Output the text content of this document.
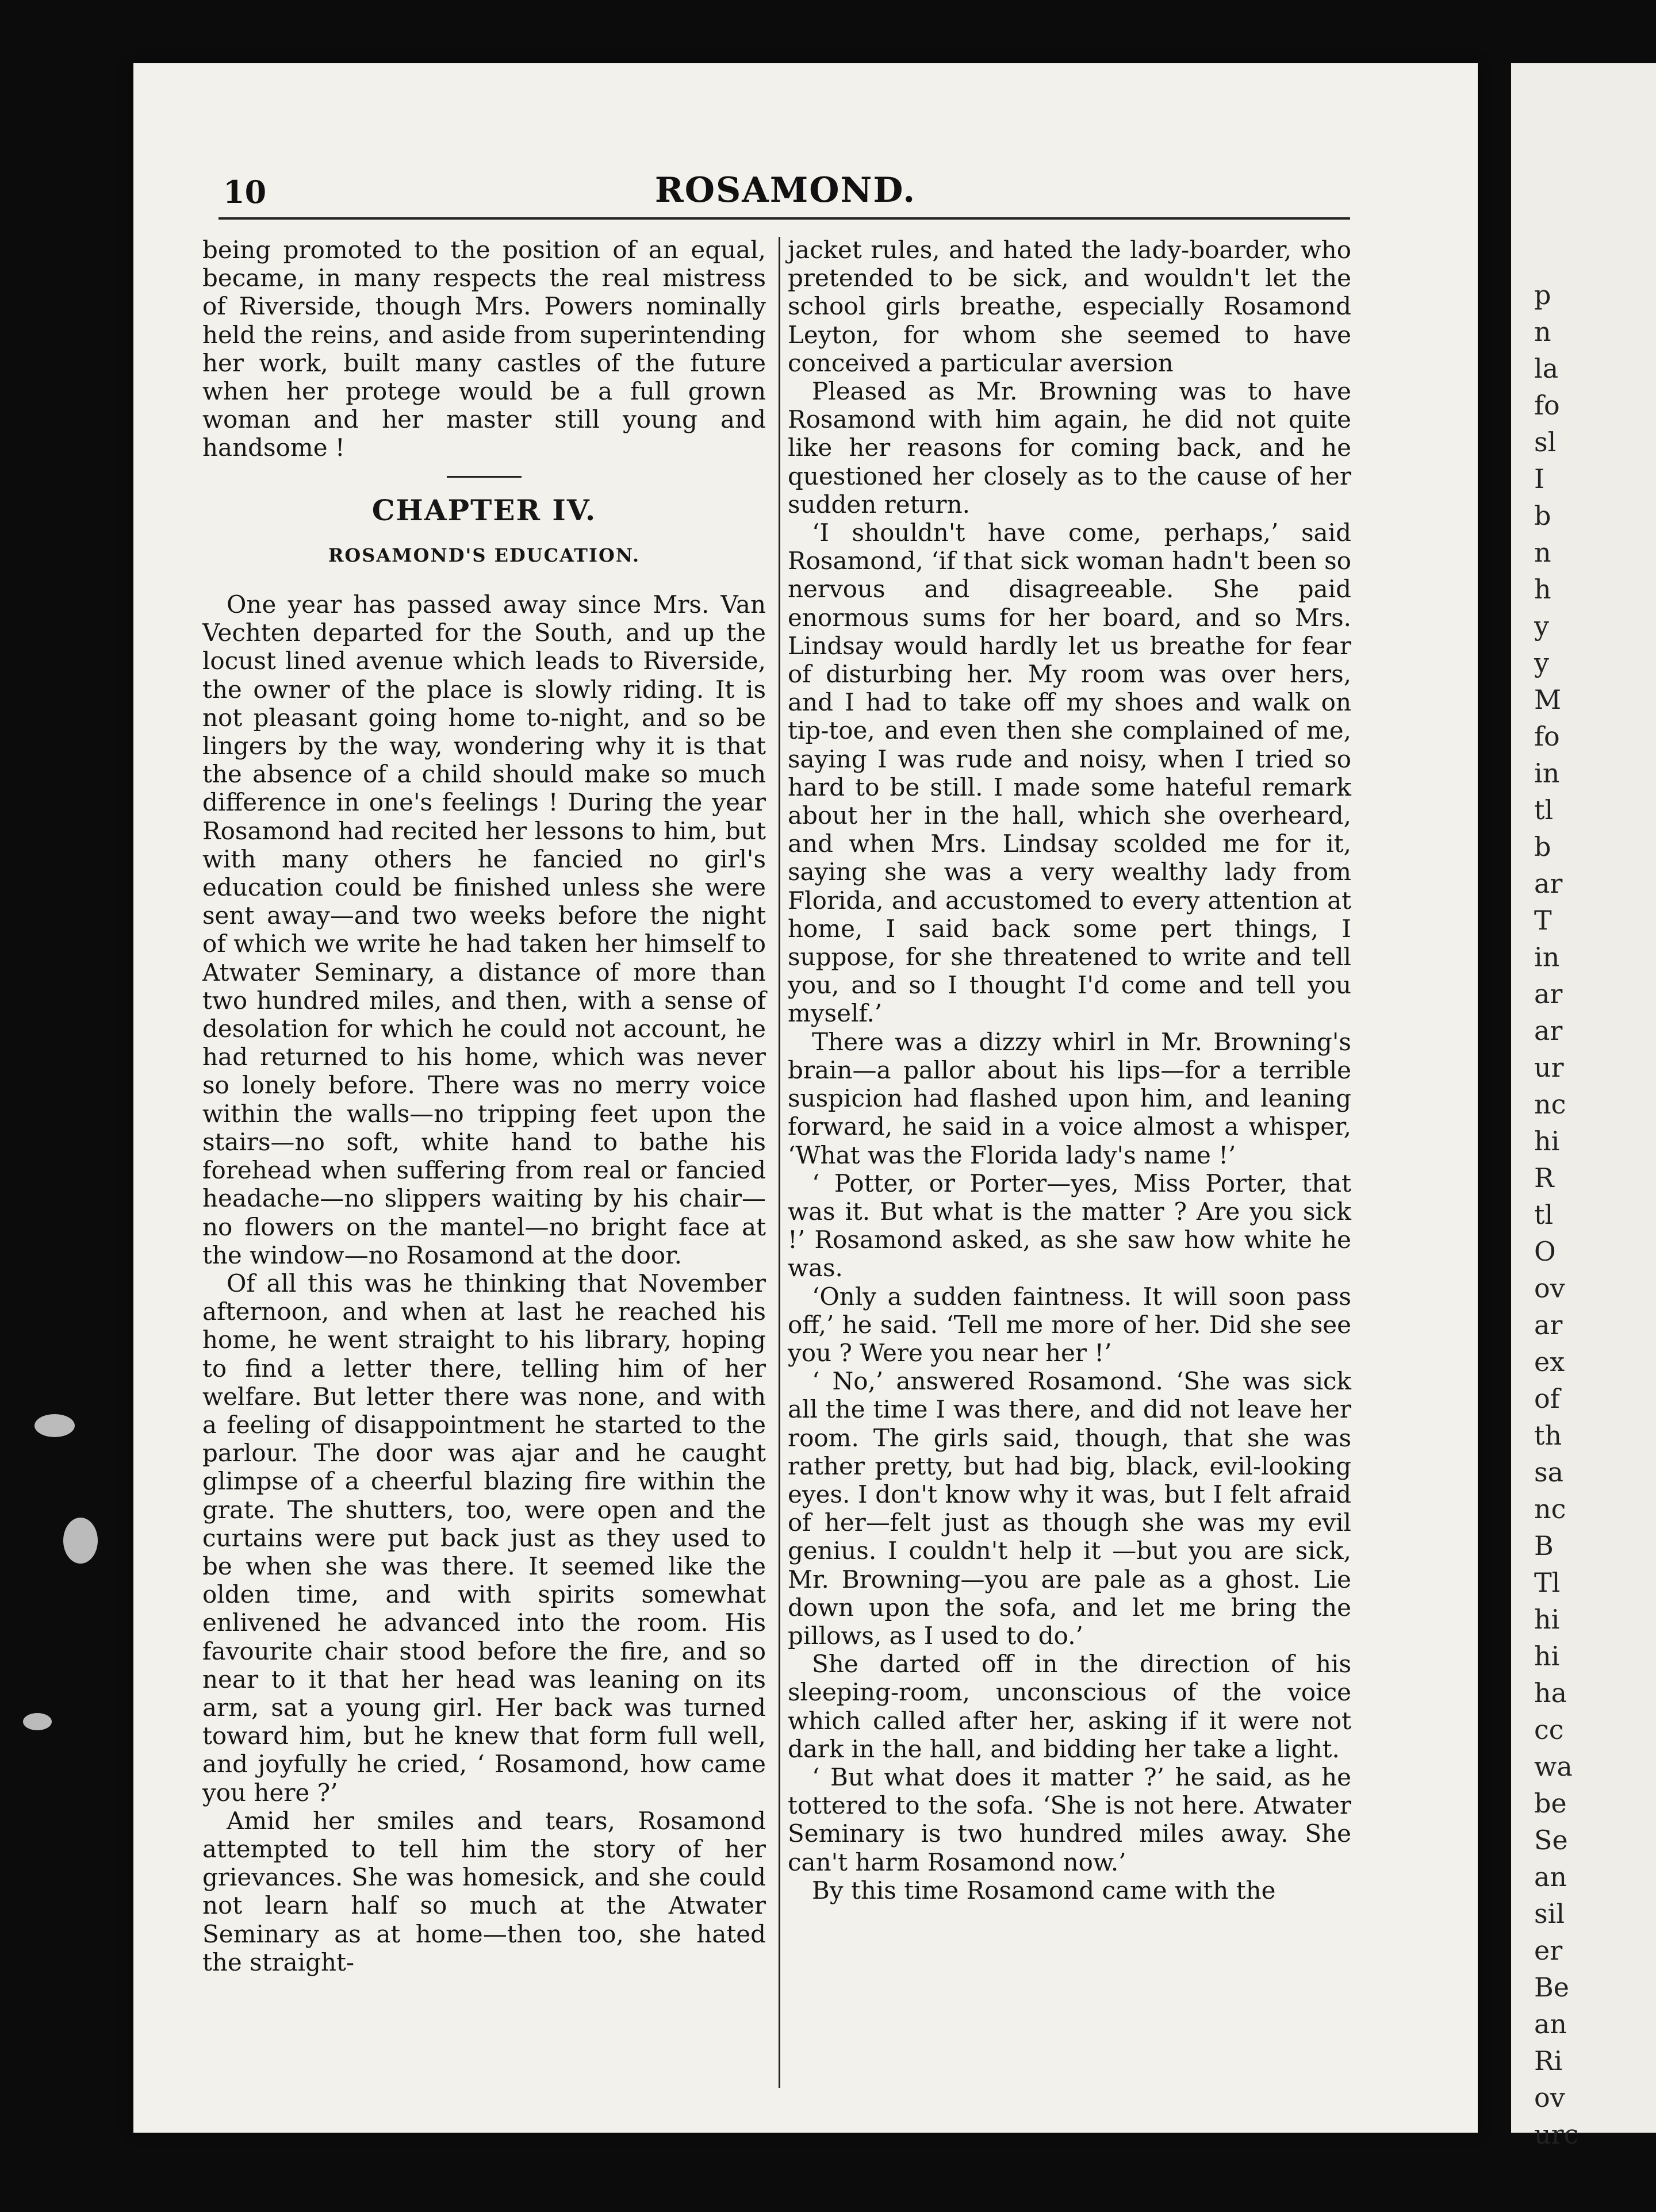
10	ROSAMOND.

being promoted to the position of an equal, became, in many respects the real mistress of Riverside, though Mrs. Powers nominally held the reins, and aside from superintending her work, built many castles of the future when her protege would be a full grown woman and her master still young and handsome !

CHAPTER IV.
ROSAMOND'S EDUCATION.

One year has passed away since Mrs. Van Vechten departed for the South, and up the locust lined avenue which leads to Riverside, the owner of the place is slowly riding. It is not pleasant going home to-night, and so be lingers by the way, wondering why it is that the absence of a child should make so much difference in one's feelings ! During the year Rosamond had recited her lessons to him, but with many others he fancied no girl's education could be finished unless she were sent away—and two weeks before the night of which we write he had taken her himself to Atwater Seminary, a distance of more than two hundred miles, and then, with a sense of desolation for which he could not account, he had returned to his home, which was never so lonely before. There was no merry voice within the walls—no tripping feet upon the stairs—no soft, white hand to bathe his forehead when suffering from real or fancied headache—no slippers waiting by his chair—no flowers on the mantel—no bright face at the window—no Rosamond at the door.

Of all this was he thinking that November afternoon, and when at last he reached his home, he went straight to his library, hoping to find a letter there, telling him of her welfare. But letter there was none, and with a feeling of disappointment he started to the parlour. The door was ajar and he caught glimpse of a cheerful blazing fire within the grate. The shutters, too, were open and the curtains were put back just as they used to be when she was there. It seemed like the olden time, and with spirits somewhat enlivened he advanced into the room. His favourite chair stood before the fire, and so near to it that her head was leaning on its arm, sat a young girl. Her back was turned toward him, but he knew that form full well, and joyfully he cried, ‘ Rosamond, how came you here ?’

Amid her smiles and tears, Rosamond attempted to tell him the story of her grievances. She was homesick, and she could not learn half so much at the Atwater Seminary as at home—then too, she hated the straight-

jacket rules, and hated the lady-boarder, who pretended to be sick, and wouldn't let the school girls breathe, especially Rosamond Leyton, for whom she seemed to have conceived a particular aversion

Pleased as Mr. Browning was to have Rosamond with him again, he did not quite like her reasons for coming back, and he questioned her closely as to the cause of her sudden return.

‘I shouldn't have come, perhaps,’ said Rosamond, ‘if that sick woman hadn't been so nervous and disagreeable. She paid enormous sums for her board, and so Mrs. Lindsay would hardly let us breathe for fear of disturbing her. My room was over hers, and I had to take off my shoes and walk on tip-toe, and even then she complained of me, saying I was rude and noisy, when I tried so hard to be still. I made some hateful remark about her in the hall, which she overheard, and when Mrs. Lindsay scolded me for it, saying she was a very wealthy lady from Florida, and accustomed to every attention at home, I said back some pert things, I suppose, for she threatened to write and tell you, and so I thought I'd come and tell you myself.’

There was a dizzy whirl in Mr. Browning's brain—a pallor about his lips—for a terrible suspicion had flashed upon him, and leaning forward, he said in a voice almost a whisper, ‘What was the Florida lady's name !’

‘ Potter, or Porter—yes, Miss Porter, that was it. But what is the matter ? Are you sick !’ Rosamond asked, as she saw how white he was.

‘Only a sudden faintness. It will soon pass off,’ he said. ‘Tell me more of her. Did she see you ? Were you near her !’

‘ No,’ answered Rosamond. ‘She was sick all the time I was there, and did not leave her room. The girls said, though, that she was rather pretty, but had big, black, evil-looking eyes. I don't know why it was, but I felt afraid of her—felt just as though she was my evil genius. I couldn't help it —but you are sick, Mr. Browning—you are pale as a ghost. Lie down upon the sofa, and let me bring the pillows, as I used to do.’

She darted off in the direction of his sleeping-room, unconscious of the voice which called after her, asking if it were not dark in the hall, and bidding her take a light.

‘ But what does it matter ?’ he said, as he tottered to the sofa. ‘She is not here. Atwater Seminary is two hundred miles away. She can't harm Rosamond now.’

By this time Rosamond came with the

p
n
la
fo
sl
I
b
n
h
y
y
M
fo
in
tl
b
ar
T
in
ar
ar
ur
nc
hi
R
tl
O
ov
ar
ex
of
th
sa
nc
B
Tl
hi
hi
ha
cc
wa
be
Se
an
sil
er
Be
an
Ri
ov
urc
